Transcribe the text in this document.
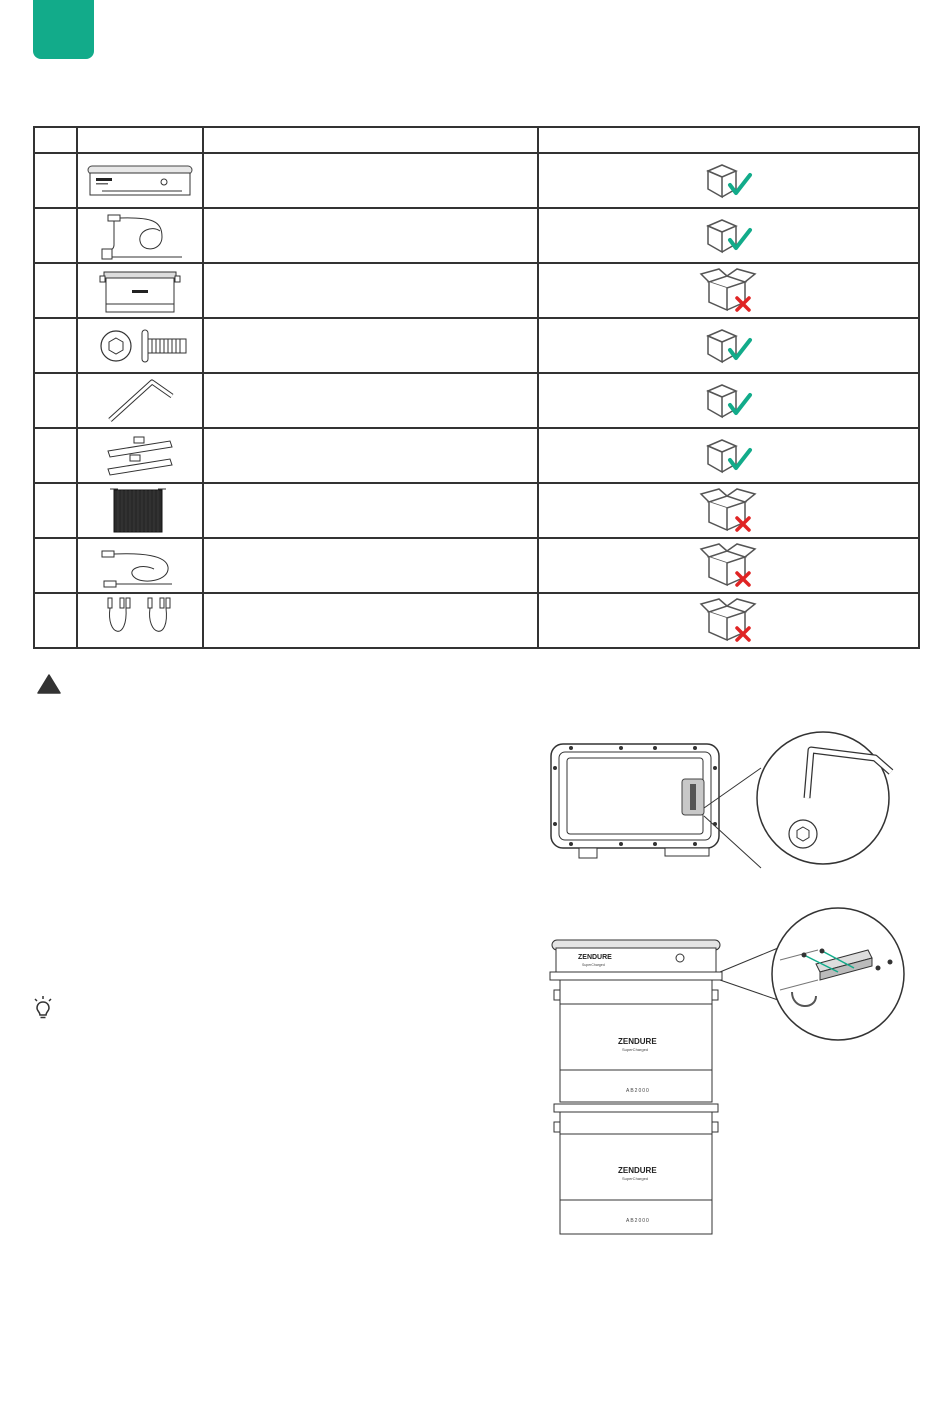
ZENDURE
SuperCharged
ZENDURE
SuperCharged
AB2000
ZENDURE
SuperCharged
AB2000
